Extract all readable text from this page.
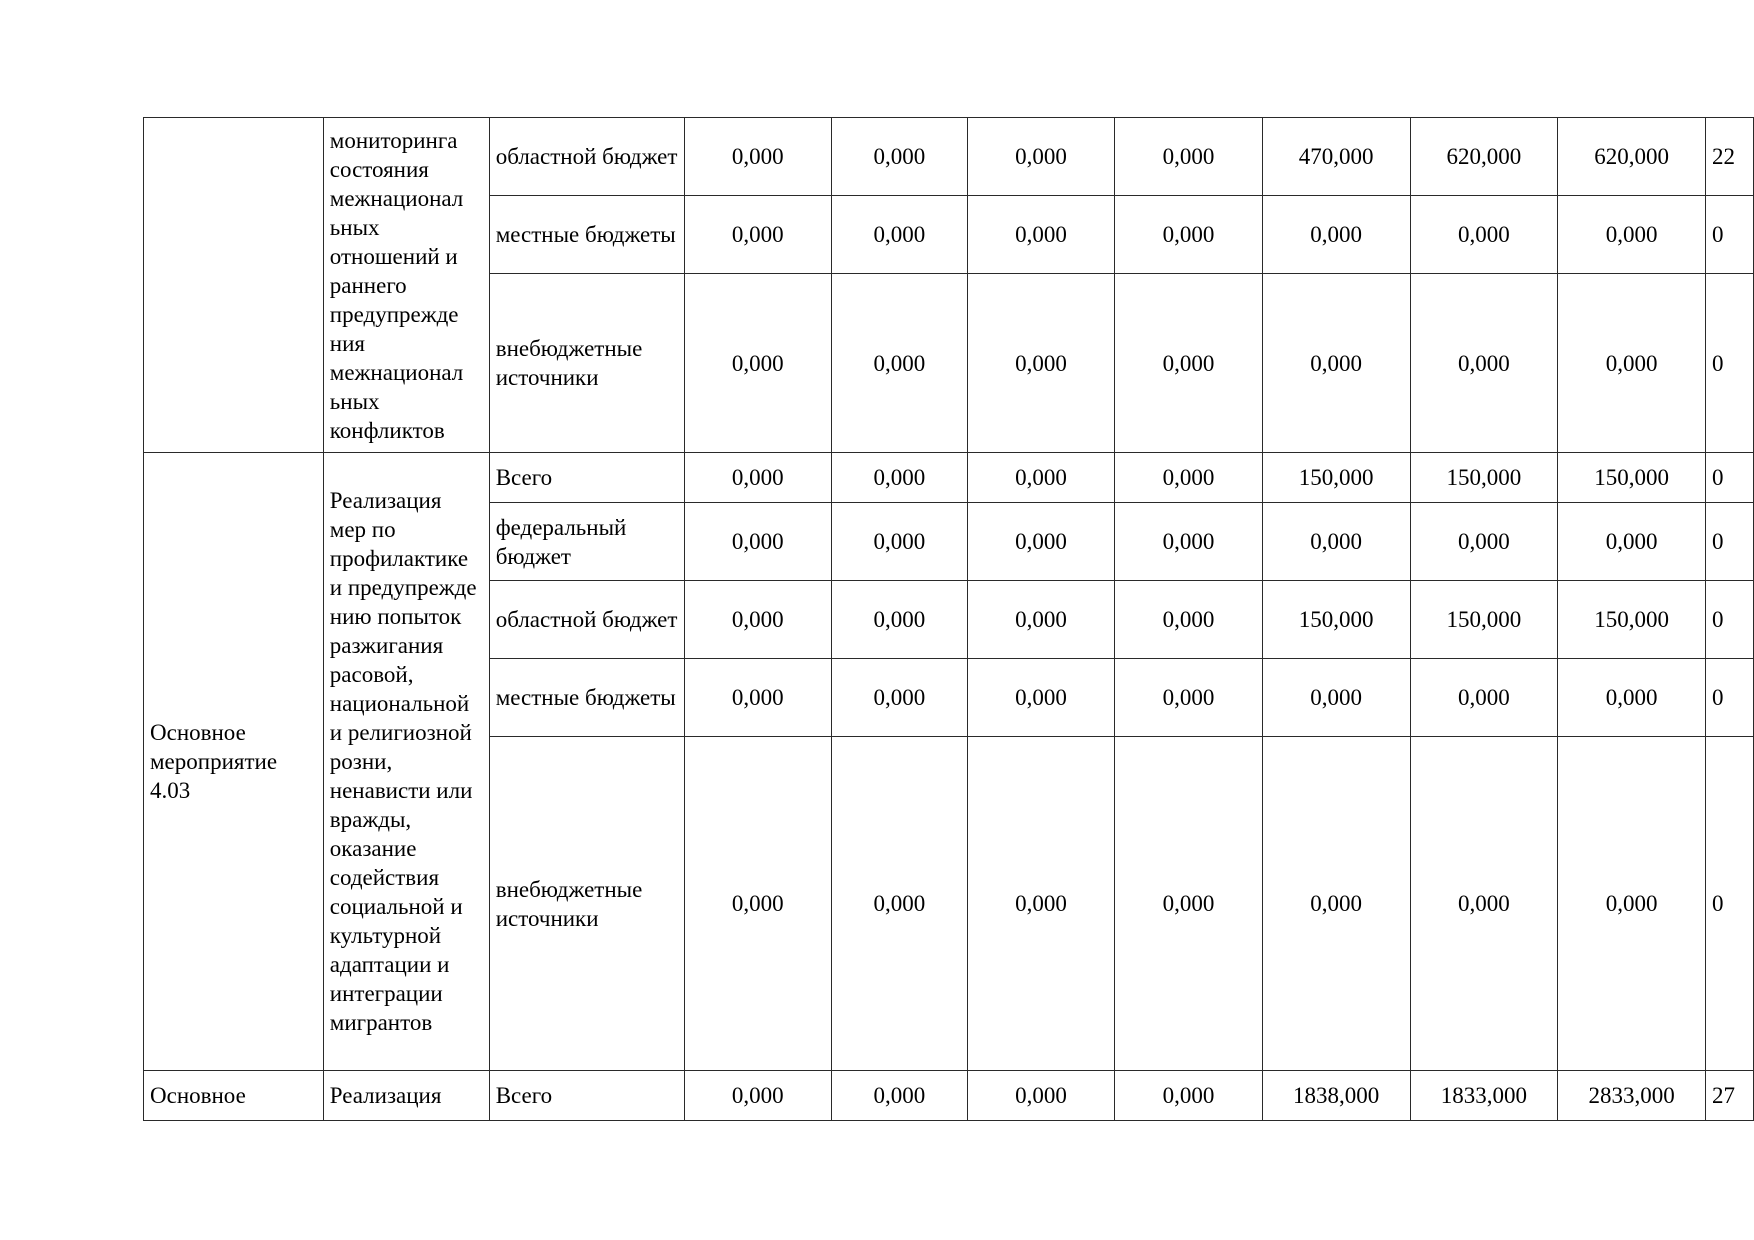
	мониторинга состояния межнационал ьных отношений и раннего предупрежде ния межнационал ьных конфликтов	областной бюджет	0,000	0,000	0,000	0,000	470,000	620,000	620,000	22
		местные бюджеты	0,000	0,000	0,000	0,000	0,000	0,000	0,000	0
		внебюджетные источники	0,000	0,000	0,000	0,000	0,000	0,000	0,000	0
Основное мероприятие 4.03	Реализация мер по профилактике и предупрежде нию попыток разжигания расовой, национальной и религиозной розни, ненависти или вражды, оказание содействия социальной и культурной адаптации и интеграции мигрантов	Всего	0,000	0,000	0,000	0,000	150,000	150,000	150,000	0
		федеральный бюджет	0,000	0,000	0,000	0,000	0,000	0,000	0,000	0
		областной бюджет	0,000	0,000	0,000	0,000	150,000	150,000	150,000	0
		местные бюджеты	0,000	0,000	0,000	0,000	0,000	0,000	0,000	0
		внебюджетные источники	0,000	0,000	0,000	0,000	0,000	0,000	0,000	0
Основное	Реализация	Всего	0,000	0,000	0,000	0,000	1838,000	1833,000	2833,000	27
